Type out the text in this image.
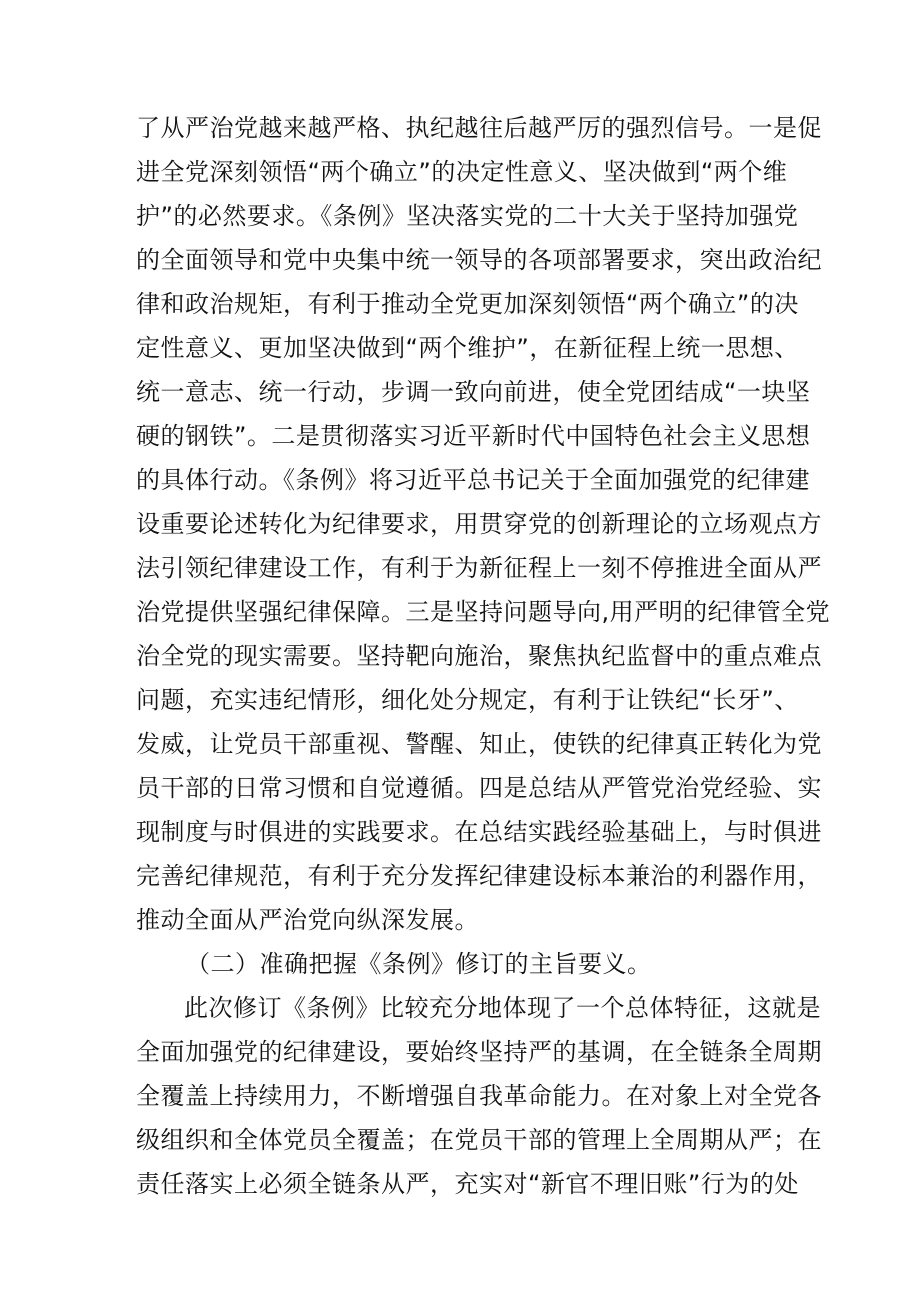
了从严治党越来越严格、执纪越往后越严厉的强烈信号。一是促
进全党深刻领悟“两个确立”的决定性意义、坚决做到“两个维
护”的必然要求。《条例》坚决落实党的二十大关于坚持加强党
的全面领导和党中央集中统一领导的各项部署要求，突出政治纪
律和政治规矩，有利于推动全党更加深刻领悟“两个确立”的决
定性意义、更加坚决做到“两个维护”，在新征程上统一思想、
统一意志、统一行动，步调一致向前进，使全党团结成“一块坚
硬的钢铁”。二是贯彻落实习近平新时代中国特色社会主义思想
的具体行动。《条例》将习近平总书记关于全面加强党的纪律建
设重要论述转化为纪律要求，用贯穿党的创新理论的立场观点方
法引领纪律建设工作，有利于为新征程上一刻不停推进全面从严
治党提供坚强纪律保障。三是坚持问题导向,用严明的纪律管全党
治全党的现实需要。坚持靶向施治，聚焦执纪监督中的重点难点
问题，充实违纪情形，细化处分规定，有利于让铁纪“长牙”、
发威，让党员干部重视、警醒、知止，使铁的纪律真正转化为党
员干部的日常习惯和自觉遵循。四是总结从严管党治党经验、实
现制度与时俱进的实践要求。在总结实践经验基础上，与时俱进
完善纪律规范，有利于充分发挥纪律建设标本兼治的利器作用，
推动全面从严治党向纵深发展。
（二）准确把握《条例》修订的主旨要义。
此次修订《条例》比较充分地体现了一个总体特征，这就是
全面加强党的纪律建设，要始终坚持严的基调，在全链条全周期
全覆盖上持续用力，不断增强自我革命能力。在对象上对全党各
级组织和全体党员全覆盖；在党员干部的管理上全周期从严；在
责任落实上必须全链条从严，充实对“新官不理旧账”行为的处
